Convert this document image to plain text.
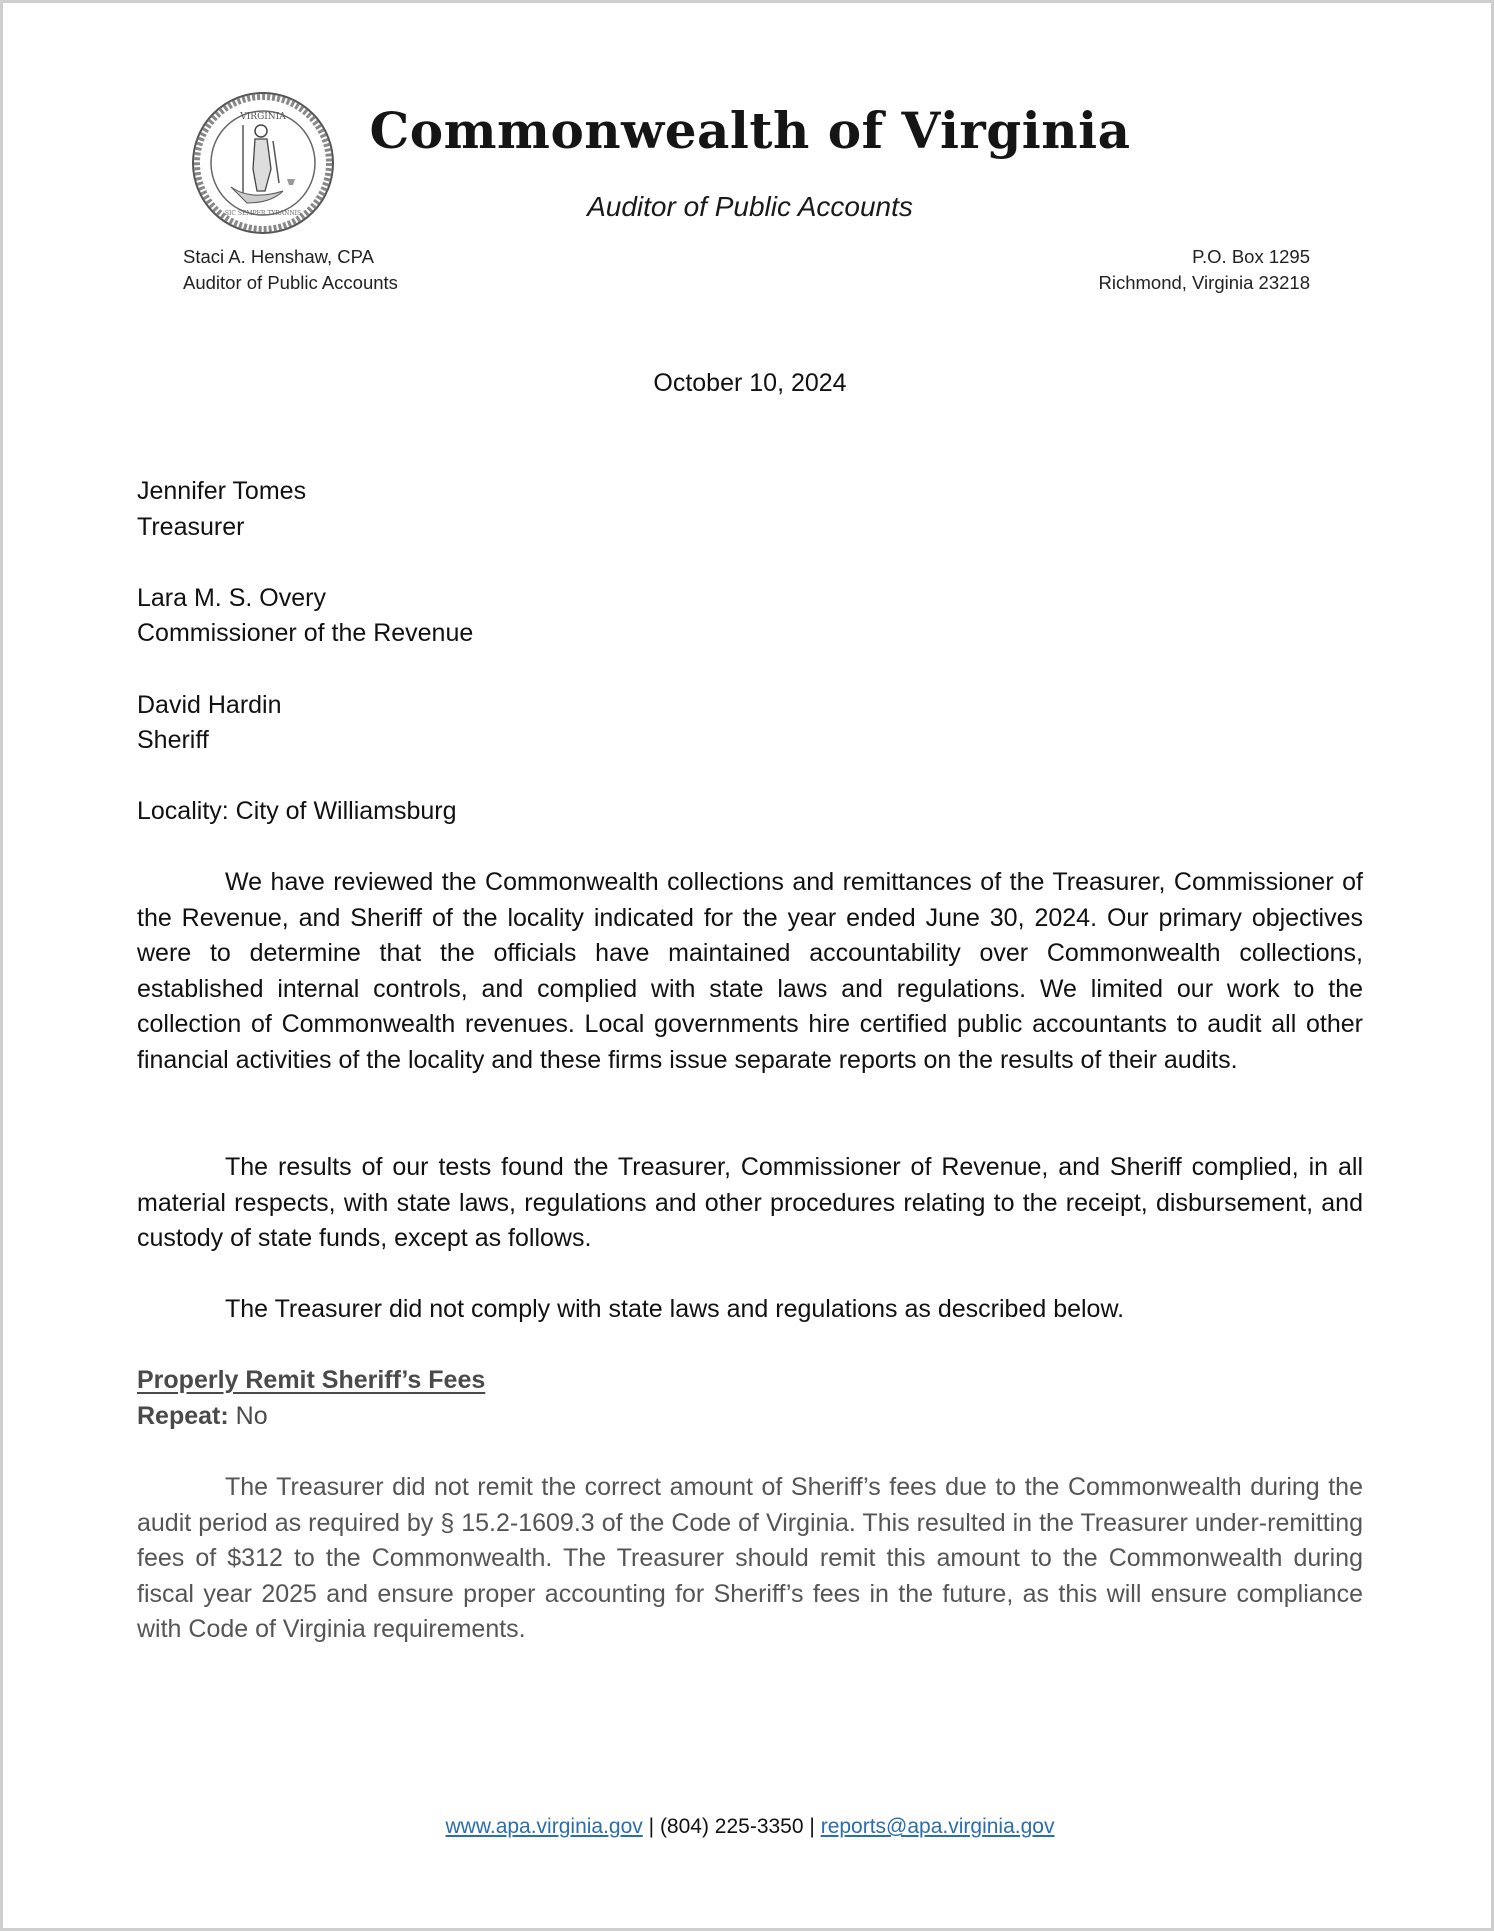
VIRGINIA
SIC SEMPER TYRANNIS
Commonwealth of Virginia
Auditor of Public Accounts
Staci A. Henshaw, CPA
Auditor of Public Accounts
P.O. Box 1295
Richmond, Virginia 23218
October 10, 2024
Jennifer Tomes
Treasurer
Lara M. S. Overy
Commissioner of the Revenue
David Hardin
Sheriff
Locality: City of Williamsburg

We have reviewed the Commonwealth collections and remittances of the Treasurer, Commissioner of the Revenue, and Sheriff of the locality indicated for the year ended June 30, 2024. Our primary objectives were to determine that the officials have maintained accountability over Commonwealth collections, established internal controls, and complied with state laws and regulations. We limited our work to the collection of Commonwealth revenues. Local governments hire certified public accountants to audit all other financial activities of the locality and these firms issue separate reports on the results of their audits.

The results of our tests found the Treasurer, Commissioner of Revenue, and Sheriff complied, in all material respects, with state laws, regulations and other procedures relating to the receipt, disbursement, and custody of state funds, except as follows.

The Treasurer did not comply with state laws and regulations as described below.

Properly Remit Sheriff’s Fees
Repeat: No

The Treasurer did not remit the correct amount of Sheriff’s fees due to the Commonwealth during the audit period as required by § 15.2-1609.3 of the Code of Virginia. This resulted in the Treasurer under-remitting fees of $312 to the Commonwealth. The Treasurer should remit this amount to the Commonwealth during fiscal year 2025 and ensure proper accounting for Sheriff’s fees in the future, as this will ensure compliance with Code of Virginia requirements.

www.apa.virginia.gov | (804) 225-3350 | reports@apa.virginia.gov
